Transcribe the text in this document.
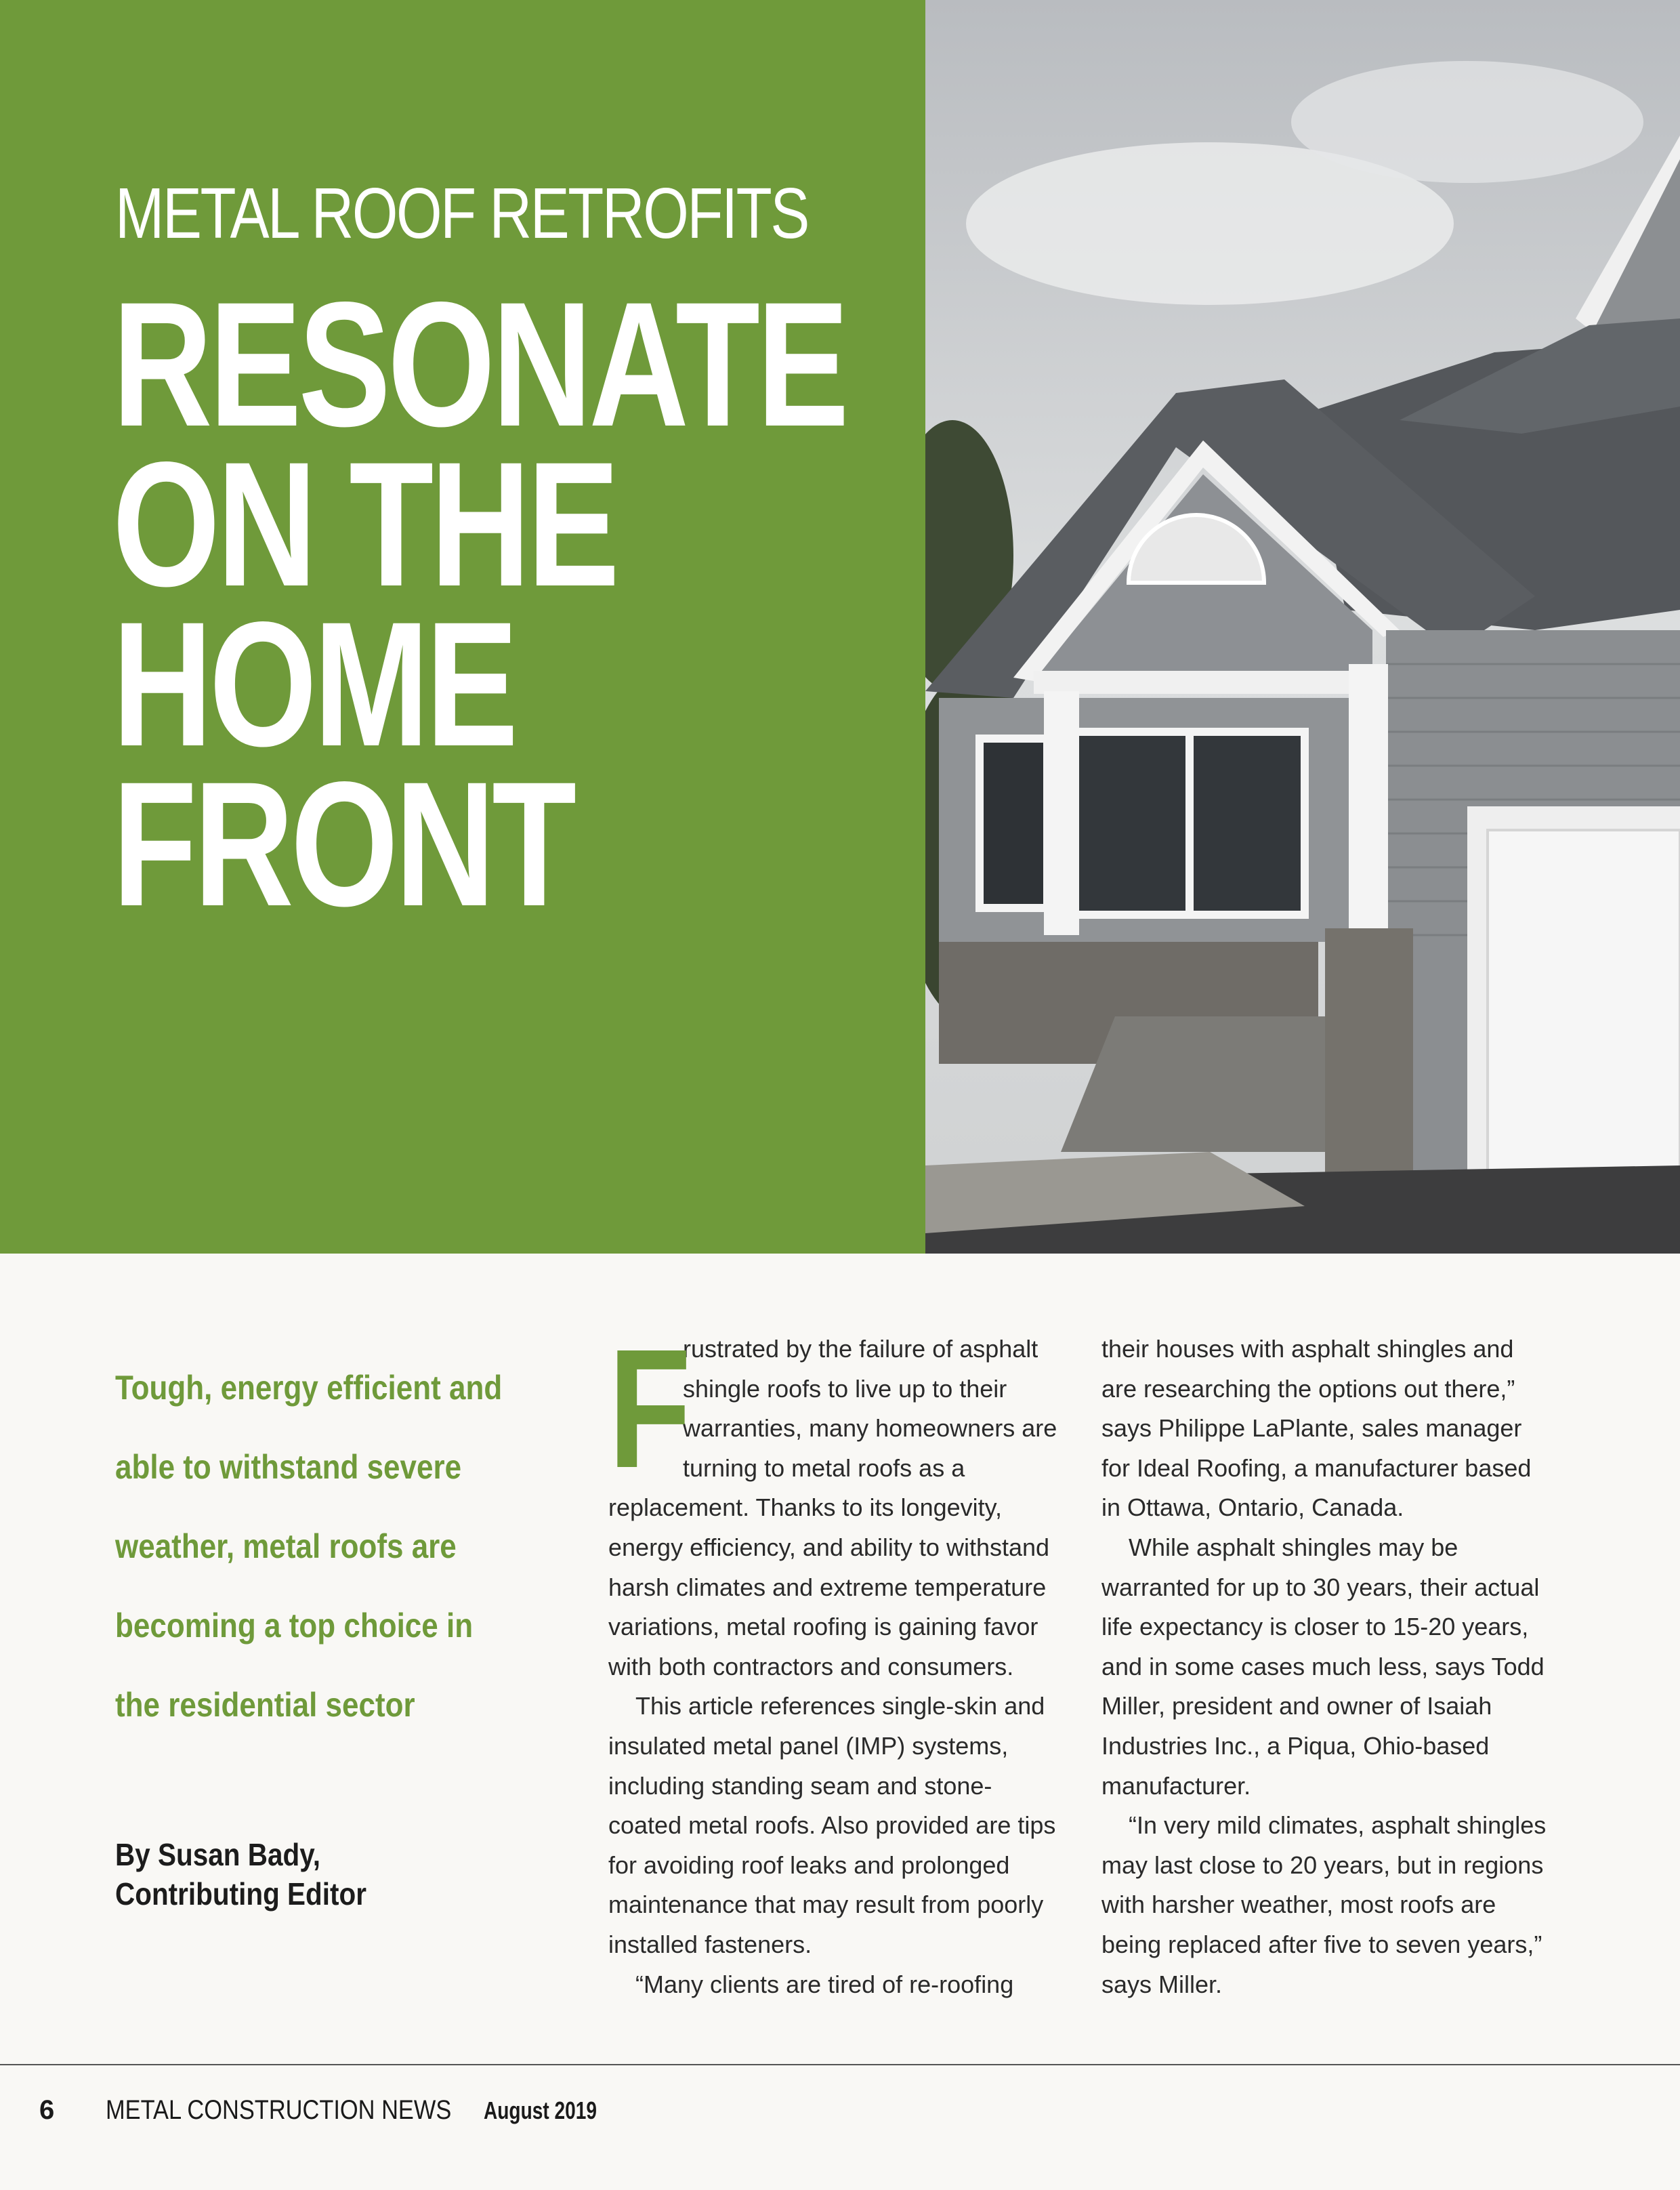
METAL ROOF RETROFITS
RESONATE
ON THE
HOME
FRONT
Tough, energy efficient and
able to withstand severe
weather, metal roofs are
becoming a top choice in
the residential sector
By Susan Bady,
Contributing Editor
F

rustrated by the failure of asphalt shingle roofs to live up to their warranties, many homeowners are turning to metal roofs as a replacement. Thanks to its longevity, energy efficiency, and ability to withstand harsh climates and extreme temperature variations, metal roofing is gaining favor with both contractors and consumers.

This article references single-skin and insulated metal panel (IMP) systems, including standing seam and stone-coated metal roofs. Also provided are tips for avoiding roof leaks and prolonged maintenance that may result from poorly installed fasteners.

“Many clients are tired of re-roofing

their houses with asphalt shingles and are researching the options out there,” says Philippe LaPlante, sales manager for Ideal Roofing, a manufacturer based in Ottawa, Ontario, Canada.

While asphalt shingles may be warranted for up to 30 years, their actual life expectancy is closer to 15-20 years, and in some cases much less, says Todd Miller, president and owner of Isaiah Industries Inc., a Piqua, Ohio-based manufacturer.

“In very mild climates, asphalt shingles may last close to 20 years, but in regions with harsher weather, most roofs are being replaced after five to seven years,” says Miller.

6 METAL CONSTRUCTION NEWS August 2019
